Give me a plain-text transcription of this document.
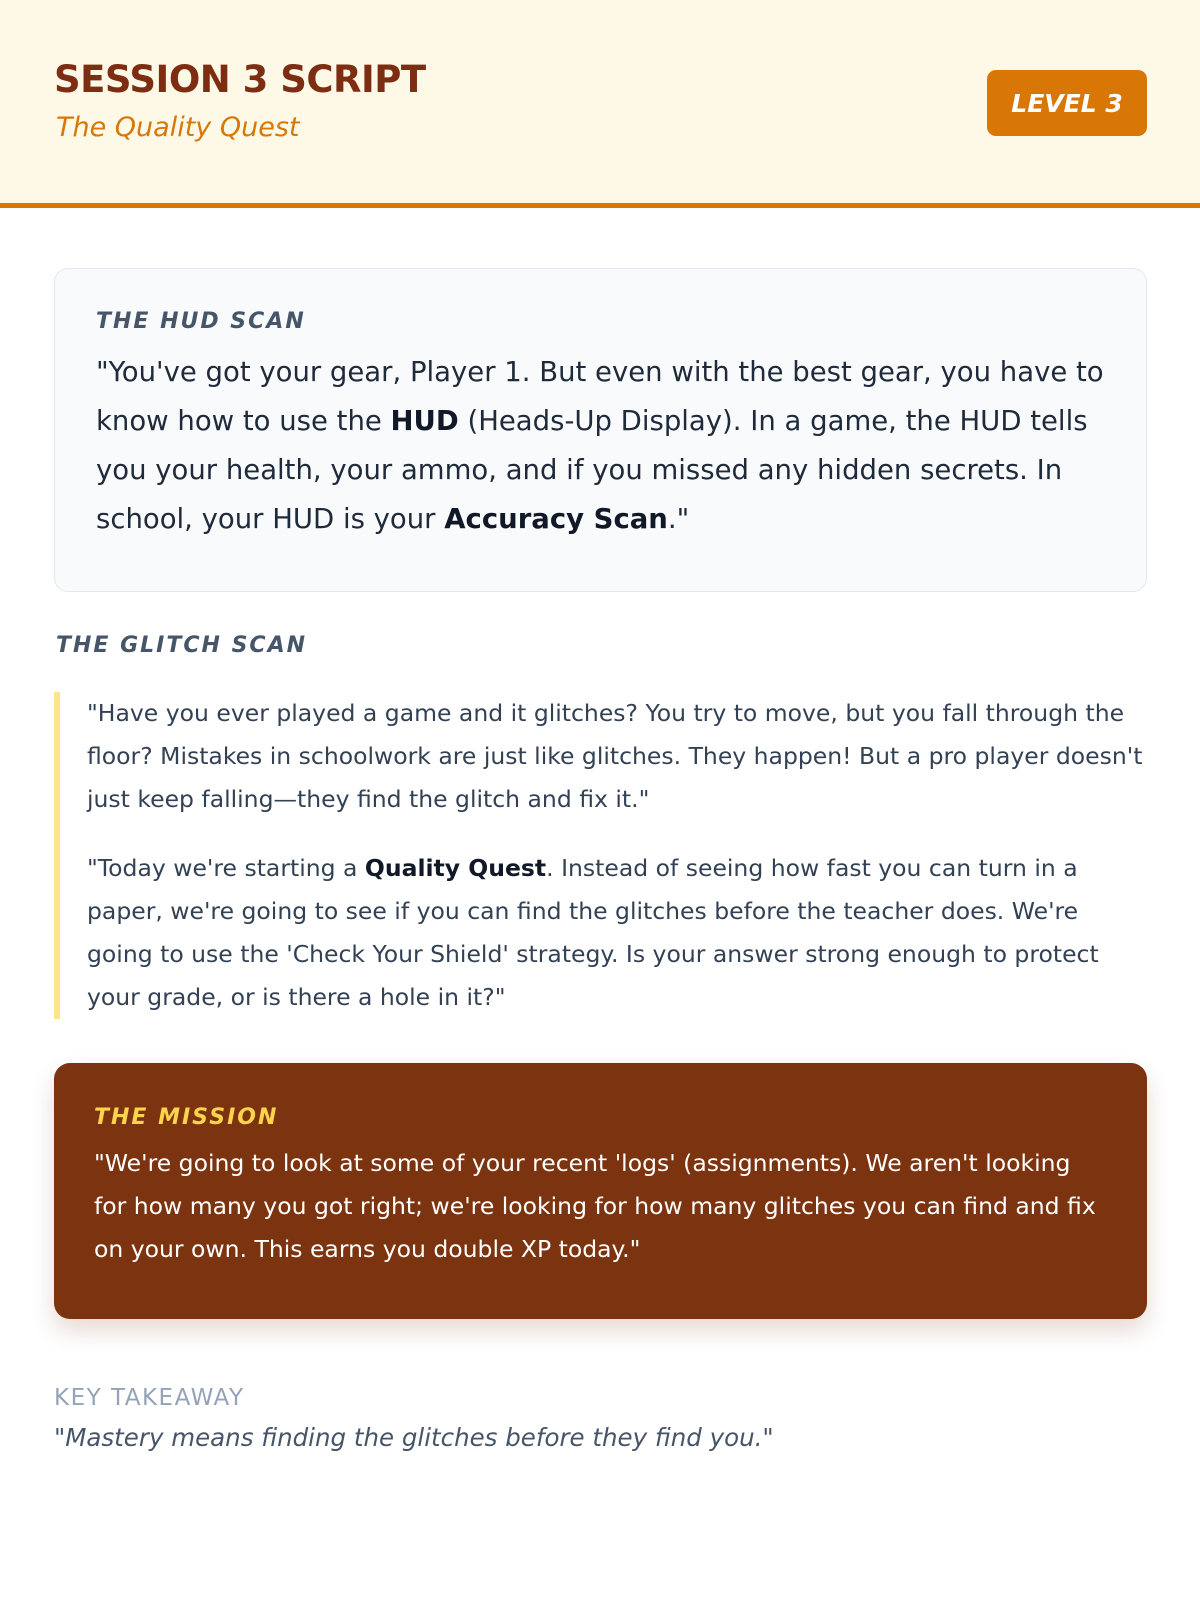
SESSION 3 SCRIPT
The Quality Quest
LEVEL 3
THE HUD SCAN
"You've got your gear, Player 1. But even with the best gear, you have to know how to use the HUD (Heads-Up Display). In a game, the HUD tells you your health, your ammo, and if you missed any hidden secrets. In school, your HUD is your Accuracy Scan."
THE GLITCH SCAN

"Have you ever played a game and it glitches? You try to move, but you fall through the floor? Mistakes in schoolwork are just like glitches. They happen! But a pro player doesn't just keep falling—they find the glitch and fix it."

"Today we're starting a Quality Quest. Instead of seeing how fast you can turn in a paper, we're going to see if you can find the glitches before the teacher does. We're going to use the 'Check Your Shield' strategy. Is your answer strong enough to protect your grade, or is there a hole in it?"

THE MISSION
"We're going to look at some of your recent 'logs' (assignments). We aren't looking for how many you got right; we're looking for how many glitches you can find and fix on your own. This earns you double XP today."
KEY TAKEAWAY
"Mastery means finding the glitches before they find you."
